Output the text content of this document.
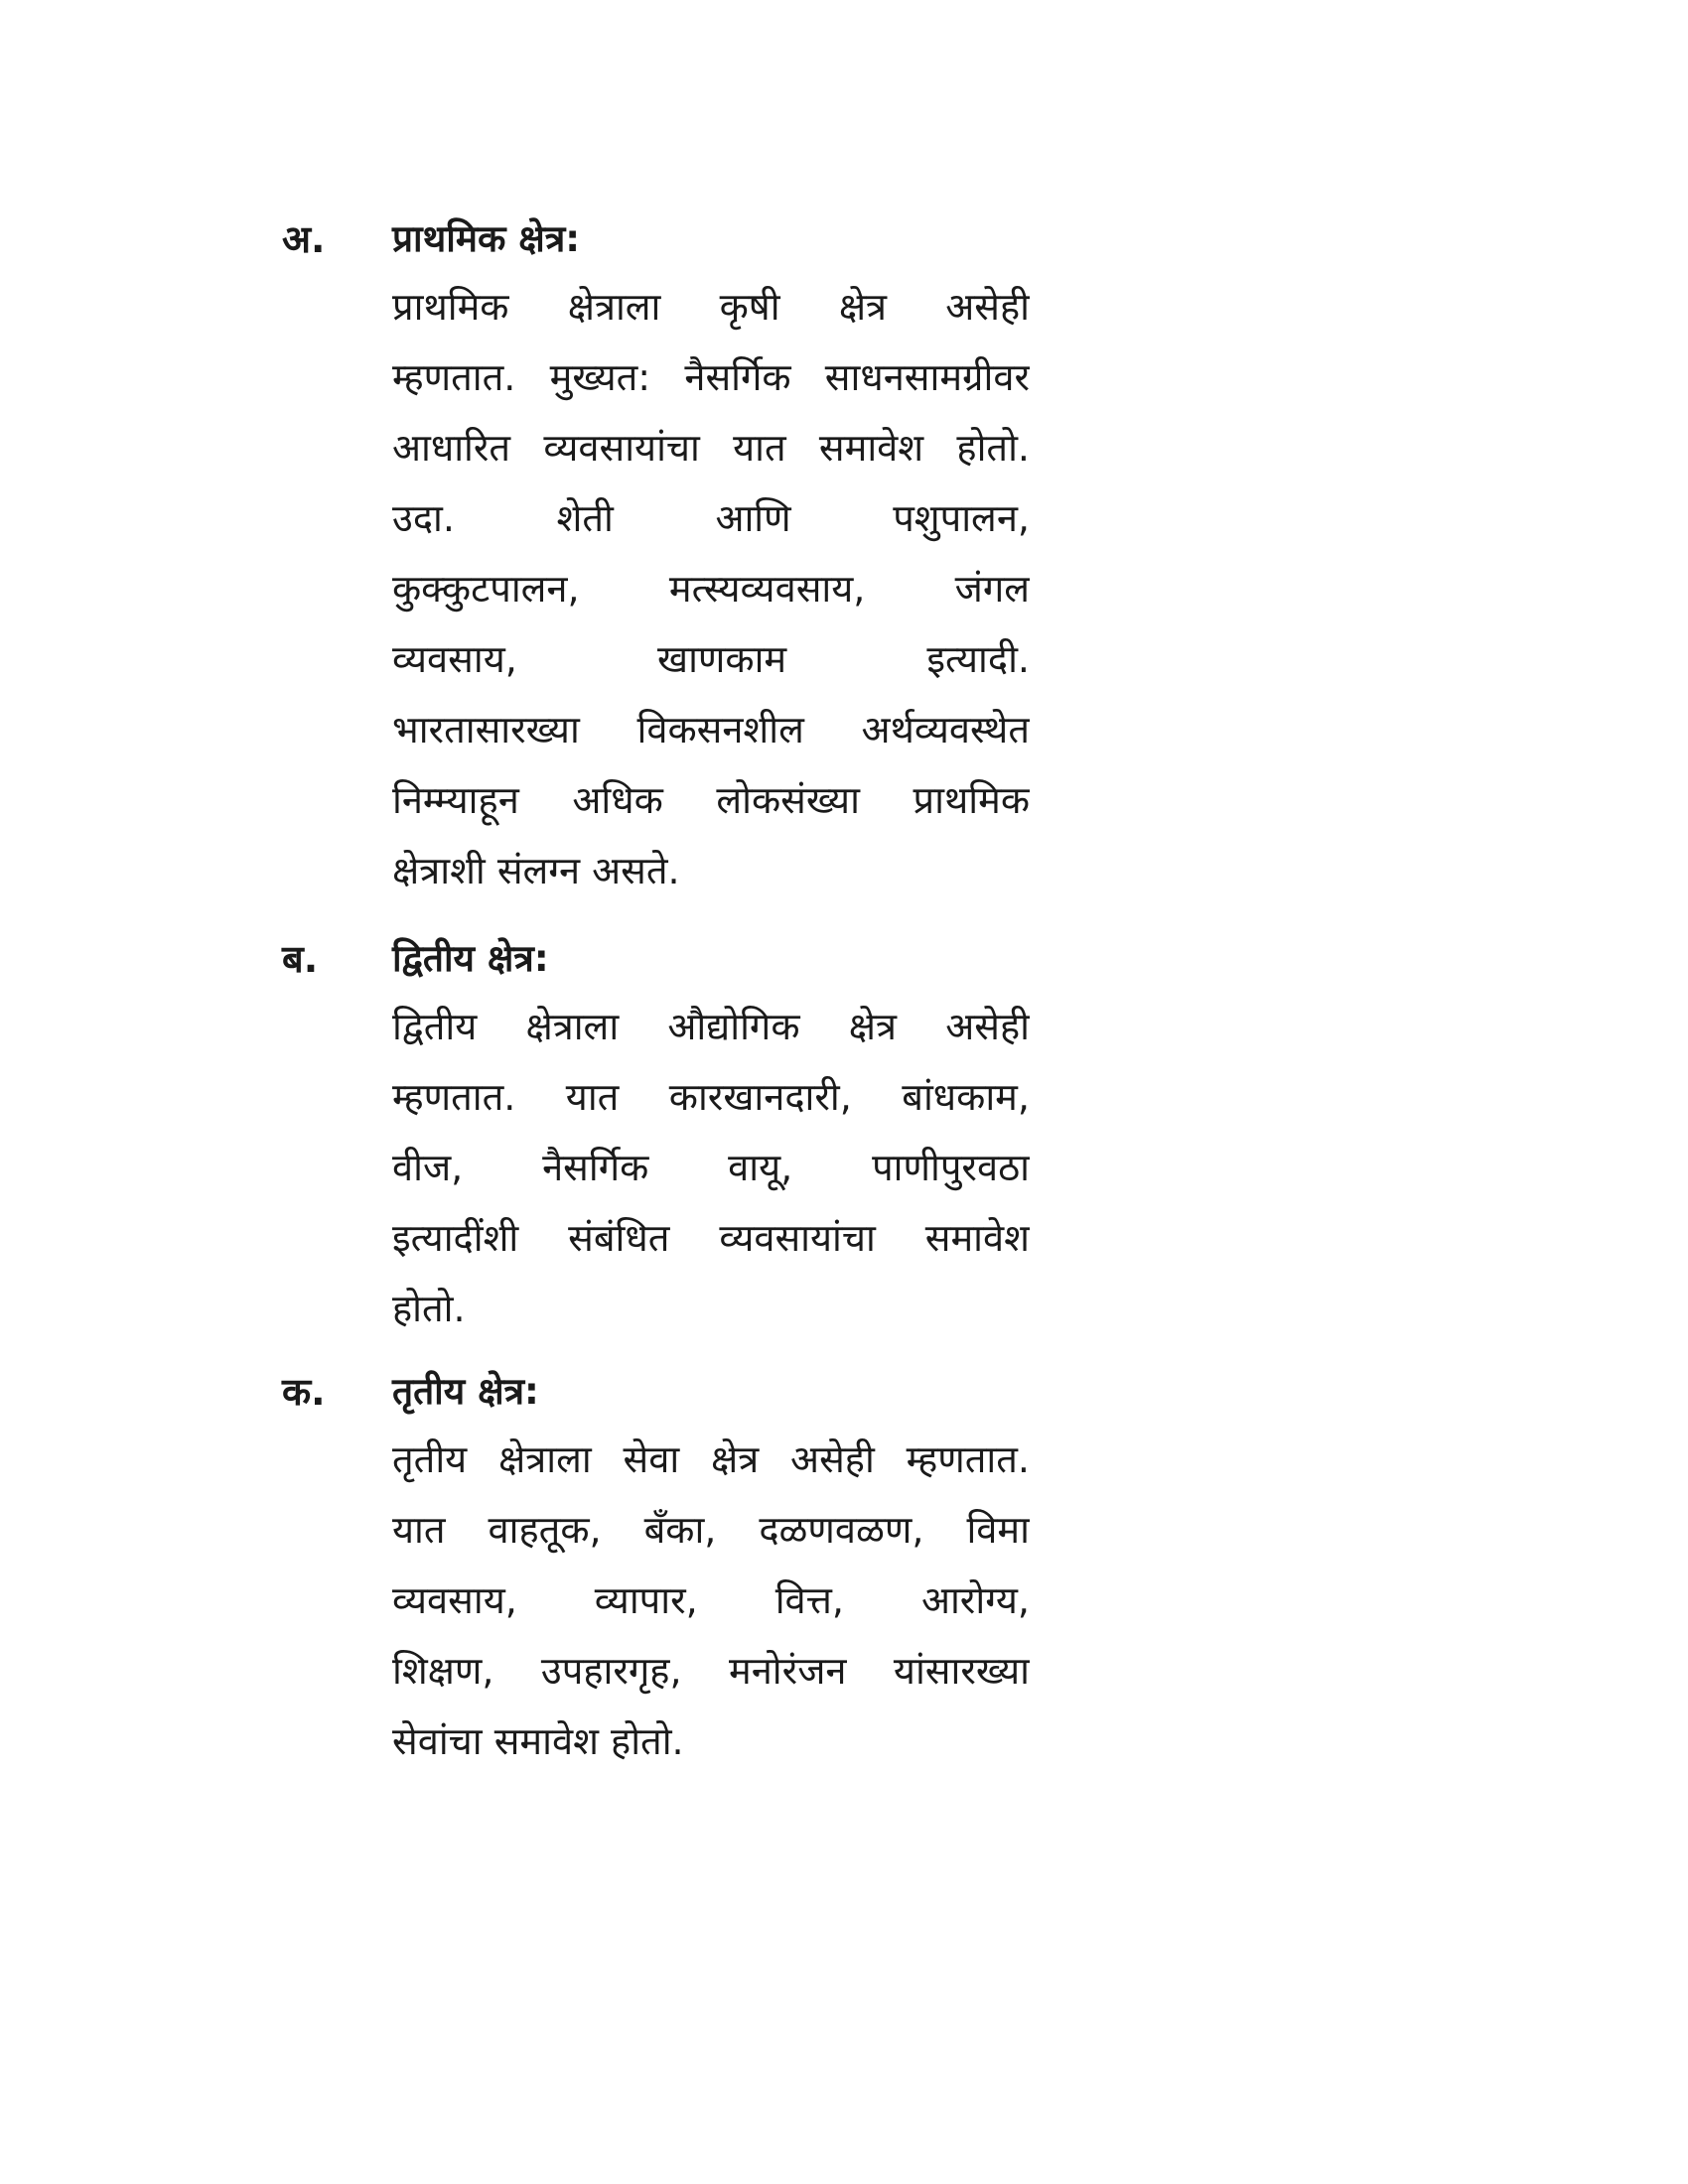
अ.	प्राथमिक क्षेत्र:
प्राथमिक क्षेत्राला कृषी क्षेत्र असेही
म्हणतात. मुख्यत: नैसर्गिक साधनसामग्रीवर
आधारित व्यवसायांचा यात समावेश होतो.
उदा. शेती आणि पशुपालन,
कुक्कुटपालन, मत्स्यव्यवसाय, जंगल
व्यवसाय, खाणकाम इत्यादी.
भारतासारख्या विकसनशील अर्थव्यवस्थेत
निम्म्याहून अधिक लोकसंख्या प्राथमिक
क्षेत्राशी संलग्न असते.
ब.	द्वितीय क्षेत्र:
द्वितीय क्षेत्राला औद्योगिक क्षेत्र असेही
म्हणतात. यात कारखानदारी, बांधकाम,
वीज, नैसर्गिक वायू, पाणीपुरवठा
इत्यादींशी संबंधित व्यवसायांचा समावेश
होतो.
क.	तृतीय क्षेत्र:
तृतीय क्षेत्राला सेवा क्षेत्र असेही म्हणतात.
यात वाहतूक, बँका, दळणवळण, विमा
व्यवसाय, व्यापार, वित्त, आरोग्य,
शिक्षण, उपहारगृह, मनोरंजन यांसारख्या
सेवांचा समावेश होतो.
